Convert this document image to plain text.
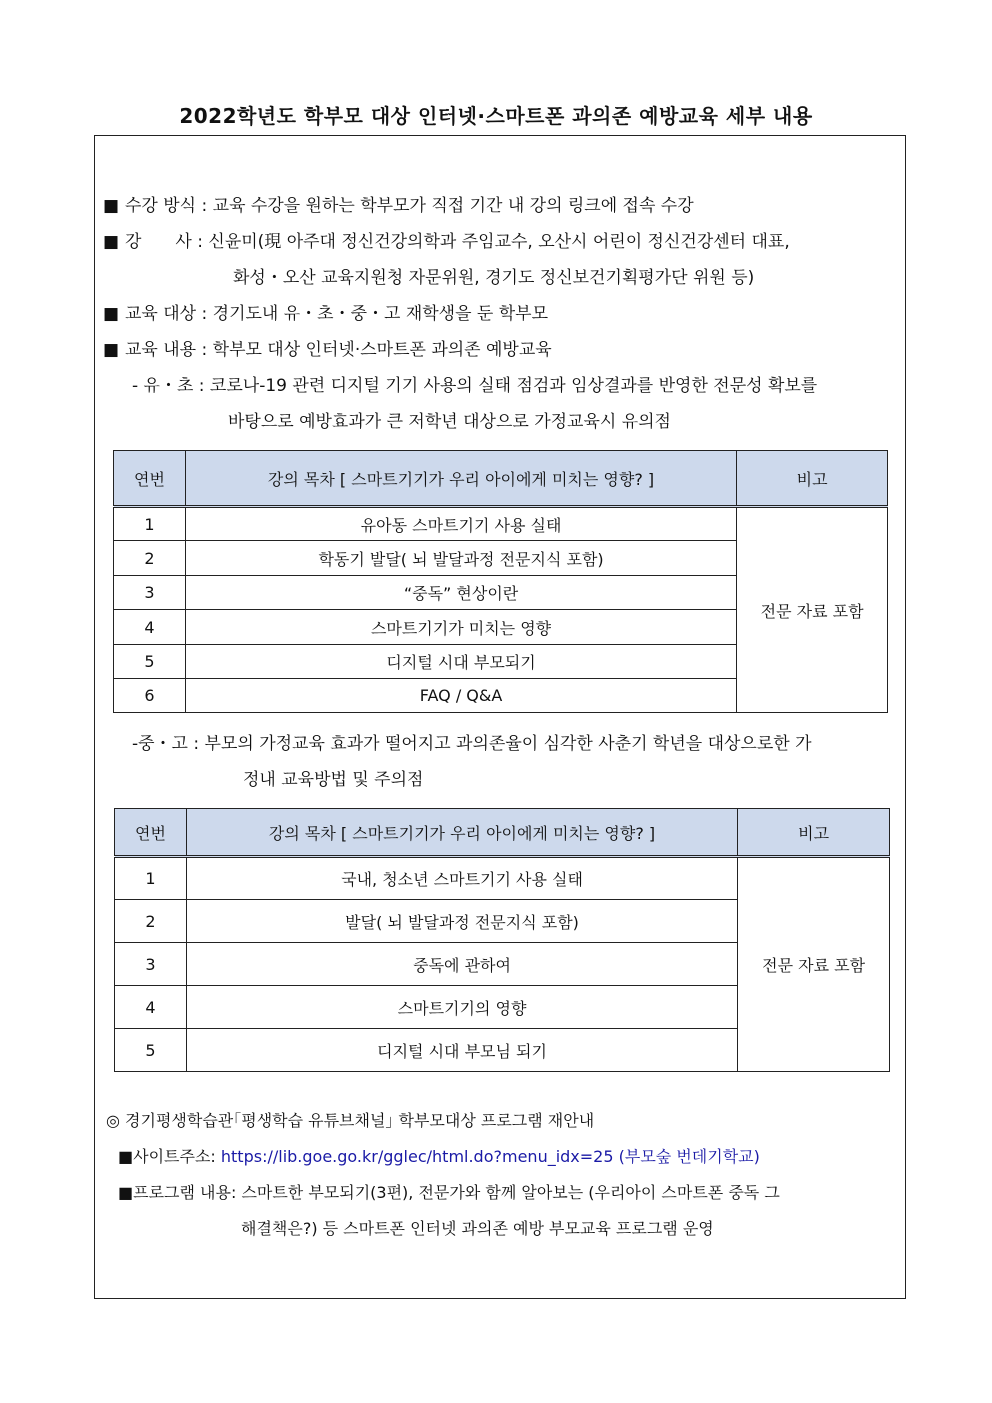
2022학년도 학부모 대상 인터넷·스마트폰 과의존 예방교육 세부 내용
■ 수강 방식 : 교육 수강을 원하는 학부모가 직접 기간 내 강의 링크에 접속 수강
■ 강　　사 : 신윤미(現 아주대 정신건강의학과 주임교수, 오산시 어린이 정신건강센터 대표,
화성・오산 교육지원청 자문위원, 경기도 정신보건기획평가단 위원 등)
■ 교육 대상 : 경기도내 유・초・중・고 재학생을 둔 학부모
■ 교육 내용 : 학부모 대상 인터넷·스마트폰 과의존 예방교육
- 유・초 : 코로나-19 관련 디지털 기기 사용의 실태 점검과 임상결과를 반영한 전문성 확보를
바탕으로 예방효과가 큰 저학년 대상으로 가정교육시 유의점
연번	강의 목차 [ 스마트기기가 우리 아이에게 미치는 영향? ]	비고
1	유아동 스마트기기 사용 실태	전문 자료 포함
2	학동기 발달( 뇌 발달과정 전문지식 포함)	
3	“중독” 현상이란	
4	스마트기기가 미치는 영향	
5	디지털 시대 부모되기	
6	FAQ / Q&A	
-중・고 : 부모의 가정교육 효과가 떨어지고 과의존율이 심각한 사춘기 학년을 대상으로한 가
정내 교육방법 및 주의점
연번	강의 목차 [ 스마트기기가 우리 아이에게 미치는 영향? ]	비고
1	국내, 청소년 스마트기기 사용 실태	전문 자료 포함
2	발달( 뇌 발달과정 전문지식 포함)	
3	중독에 관하여	
4	스마트기기의 영향	
5	디지털 시대 부모님 되기	
◎ 경기평생학습관｢평생학습 유튜브채널｣ 학부모대상 프로그램 재안내
■사이트주소: https://lib.goe.go.kr/gglec/html.do?menu_idx=25 (부모숲 번데기학교)
■프로그램 내용: 스마트한 부모되기(3편), 전문가와 함께 알아보는 (우리아이 스마트폰 중독 그
해결책은?) 등 스마트폰 인터넷 과의존 예방 부모교육 프로그램 운영
